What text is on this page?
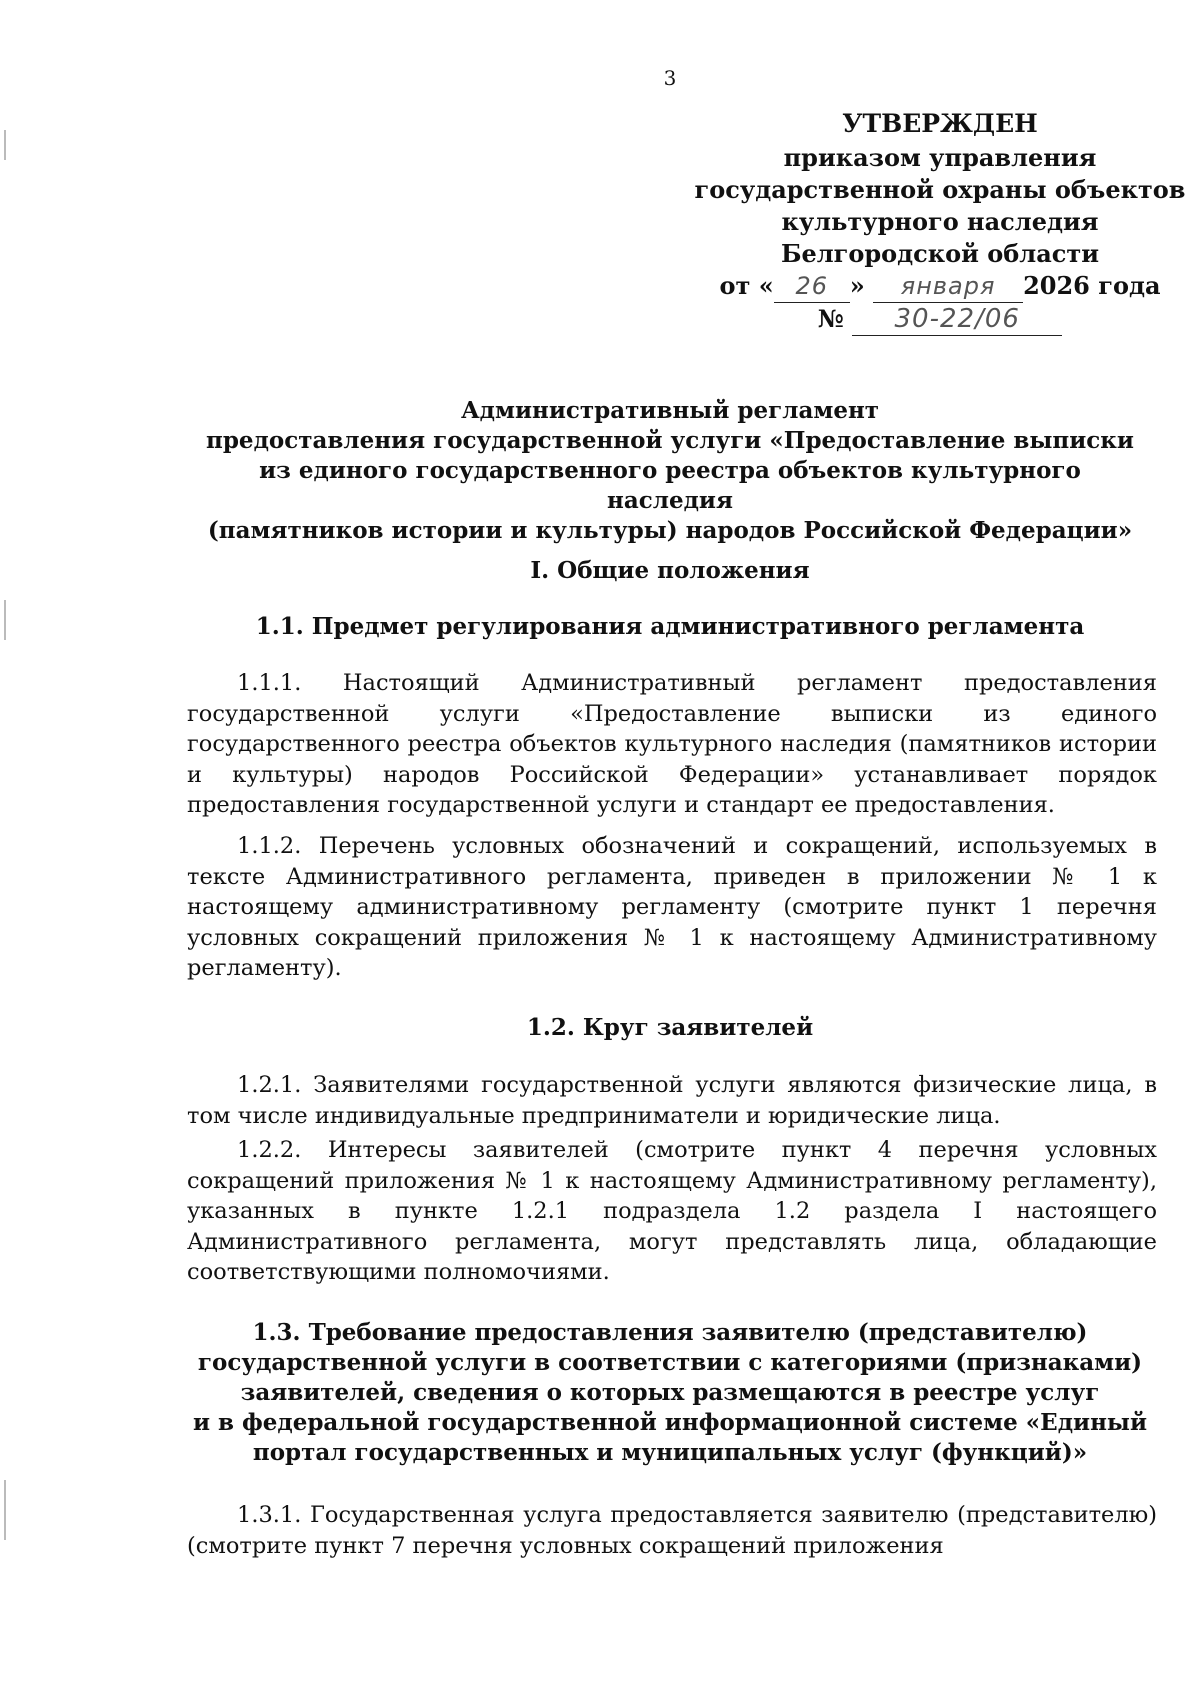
3
УТВЕРЖДЕН
приказом управления
государственной охраны объектов
культурного наследия
Белгородской области
от « 26 » января 2026 года
№ 30-22/06
Административный регламент
предоставления государственной услуги «Предоставление выписки
из единого государственного реестра объектов культурного наследия
(памятников истории и культуры) народов Российской Федерации»
I. Общие положения
1.1. Предмет регулирования административного регламента
1.1.1. Настоящий Административный регламент предоставления государственной услуги «Предоставление выписки из единого государственного реестра объектов культурного наследия (памятников истории и культуры) народов Российской Федерации» устанавливает порядок предоставления государственной услуги и стандарт ее предоставления.
1.1.2. Перечень условных обозначений и сокращений, используемых в тексте Административного регламента, приведен в приложении № 1 к настоящему административному регламенту (смотрите пункт 1 перечня условных сокращений приложения № 1 к настоящему Административному регламенту).
1.2. Круг заявителей
1.2.1. Заявителями государственной услуги являются физические лица, в том числе индивидуальные предприниматели и юридические лица.
1.2.2. Интересы заявителей (смотрите пункт 4 перечня условных сокращений приложения № 1 к настоящему Административному регламенту), указанных в пункте 1.2.1 подраздела 1.2 раздела I настоящего Административного регламента, могут представлять лица, обладающие соответствующими полномочиями.
1.3. Требование предоставления заявителю (представителю)
государственной услуги в соответствии с категориями (признаками)
заявителей, сведения о которых размещаются в реестре услуг
и в федеральной государственной информационной системе «Единый
портал государственных и муниципальных услуг (функций)»
1.3.1. Государственная услуга предоставляется заявителю (представителю) (смотрите пункт 7 перечня условных сокращений приложения
